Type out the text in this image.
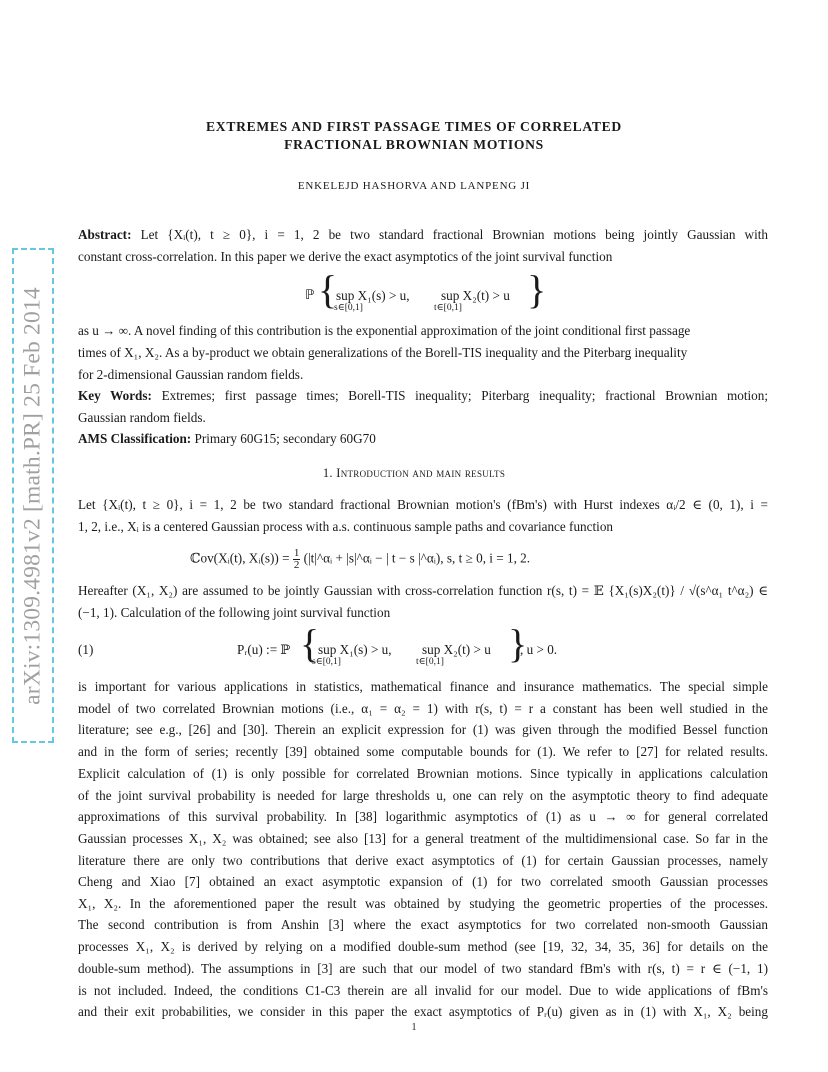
arXiv:1309.4981v2 [math.PR] 25 Feb 2014
EXTREMES AND FIRST PASSAGE TIMES OF CORRELATED
FRACTIONAL BROWNIAN MOTIONS
ENKELEJD HASHORVA AND LANPENG JI
Abstract: Let {Xᵢ(t), t ≥ 0}, i = 1, 2 be two standard fractional Brownian motions being jointly Gaussian with
constant cross-correlation. In this paper we derive the exact asymptotics of the joint survival function
ℙ {
sup X₁(s) > u,
s∈[0,1]
sup X₂(t) > u
t∈[0,1] }
as u → ∞. A novel finding of this contribution is the exponential approximation of the joint conditional first passage
times of X₁, X₂. As a by-product we obtain generalizations of the Borell-TIS inequality and the Piterbarg inequality
for 2-dimensional Gaussian random fields.
Key Words: Extremes; first passage times; Borell-TIS inequality; Piterbarg inequality; fractional Brownian motion;
Gaussian random fields.
AMS Classification: Primary 60G15; secondary 60G70
1. Introduction and main results
Let {Xᵢ(t), t ≥ 0}, i = 1, 2 be two standard fractional Brownian motion's (fBm's) with Hurst indexes αᵢ/2 ∈ (0, 1), i =
1, 2, i.e., Xᵢ is a centered Gaussian process with a.s. continuous sample paths and covariance function
ℂov(Xᵢ(t), Xᵢ(s)) = $\frac{1}{2}$ (|t|^αᵢ + |s|^αᵢ − | t − s |^αᵢ), s, t ≥ 0, i = 1, 2.
Hereafter (X₁, X₂) are assumed to be jointly Gaussian with cross-correlation function r(s, t) = 𝔼 {X₁(s)X₂(t)} / √(s^α₁ t^α₂) ∈
(−1, 1). Calculation of the following joint survival function
(1)	Pᵣ(u) := ℙ {
sup X₁(s) > u,
s∈[0,1]
sup X₂(t) > u
t∈[0,1] }
, u > 0.
is important for various applications in statistics, mathematical finance and insurance mathematics. The special simple
model of two correlated Brownian motions (i.e., α₁ = α₂ = 1) with r(s, t) = r a constant has been well studied in the
literature; see e.g., [26] and [30]. Therein an explicit expression for (1) was given through the modified Bessel function
and in the form of series; recently [39] obtained some computable bounds for (1). We refer to [27] for related results.
Explicit calculation of (1) is only possible for correlated Brownian motions. Since typically in applications calculation
of the joint survival probability is needed for large thresholds u, one can rely on the asymptotic theory to find adequate
approximations of this survival probability. In [38] logarithmic asymptotics of (1) as u → ∞ for general correlated
Gaussian processes X₁, X₂ was obtained; see also [13] for a general treatment of the multidimensional case. So far in the
literature there are only two contributions that derive exact asymptotics of (1) for certain Gaussian processes, namely
Cheng and Xiao [7] obtained an exact asymptotic expansion of (1) for two correlated smooth Gaussian processes
X₁, X₂. In the aforementioned paper the result was obtained by studying the geometric properties of the processes.
The second contribution is from Anshin [3] where the exact asymptotics for two correlated non-smooth Gaussian
processes X₁, X₂ is derived by relying on a modified double-sum method (see [19, 32, 34, 35, 36] for details on the
double-sum method). The assumptions in [3] are such that our model of two standard fBm's with r(s, t) = r ∈ (−1, 1)
is not included. Indeed, the conditions C1-C3 therein are all invalid for our model. Due to wide applications of fBm's
and their exit probabilities, we consider in this paper the exact asymptotics of Pᵣ(u) given as in (1) with X₁, X₂ being
1
